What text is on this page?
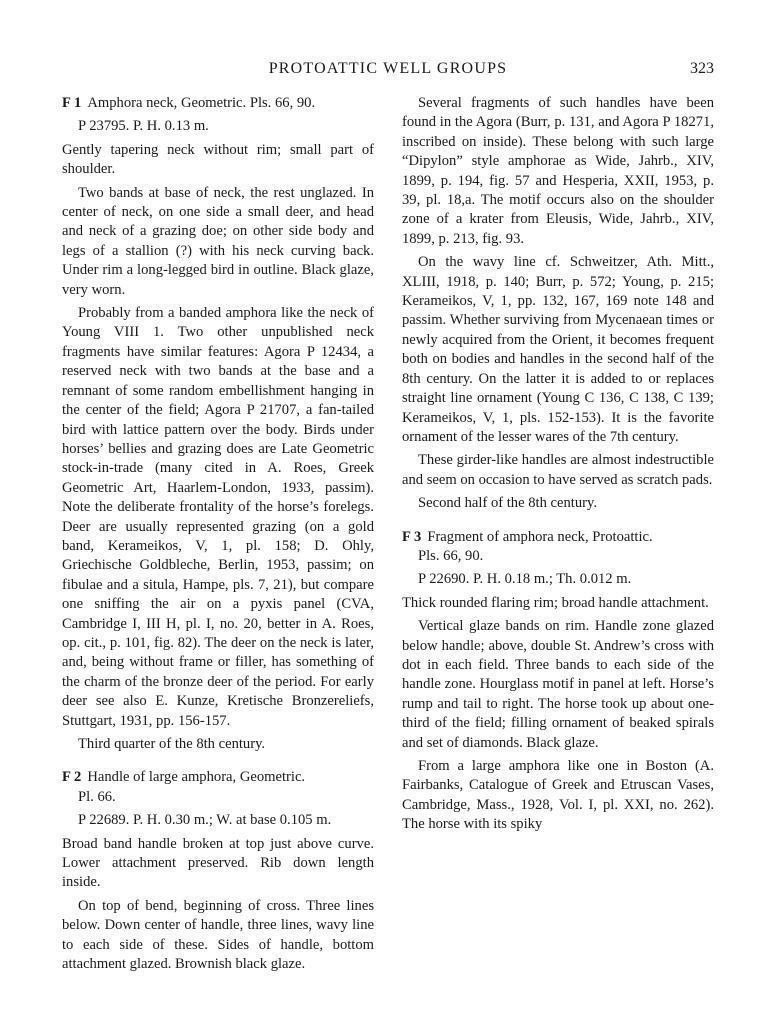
PROTOATTIC WELL GROUPS	323
F 1 Amphora neck, Geometric. Pls. 66, 90.

P 23795. P. H. 0.13 m.

Gently tapering neck without rim; small part of shoulder.

Two bands at base of neck, the rest unglazed. In center of neck, on one side a small deer, and head and neck of a grazing doe; on other side body and legs of a stallion (?) with his neck curving back. Under rim a long-legged bird in outline. Black glaze, very worn.

Probably from a banded amphora like the neck of Young VIII 1. Two other unpublished neck fragments have similar features: Agora P 12434, a reserved neck with two bands at the base and a remnant of some random embellishment hanging in the center of the field; Agora P 21707, a fan-tailed bird with lattice pattern over the body. Birds under horses’ bellies and grazing does are Late Geometric stock-in-trade (many cited in A. Roes, Greek Geometric Art, Haarlem-London, 1933, passim). Note the deliberate frontality of the horse’s forelegs. Deer are usually represented grazing (on a gold band, Kerameikos, V, 1, pl. 158; D. Ohly, Griechische Goldbleche, Berlin, 1953, passim; on fibulae and a situla, Hampe, pls. 7, 21), but compare one sniffing the air on a pyxis panel (CVA, Cambridge I, III H, pl. I, no. 20, better in A. Roes, op. cit., p. 101, fig. 82). The deer on the neck is later, and, being without frame or filler, has something of the charm of the bronze deer of the period. For early deer see also E. Kunze, Kretische Bronzereliefs, Stuttgart, 1931, pp. 156-157.

Third quarter of the 8th century.

F 2 Handle of large amphora, Geometric.
Pl. 66.

P 22689. P. H. 0.30 m.; W. at base 0.105 m.

Broad band handle broken at top just above curve. Lower attachment preserved. Rib down length inside.

On top of bend, beginning of cross. Three lines below. Down center of handle, three lines, wavy line to each side of these. Sides of handle, bottom attachment glazed. Brownish black glaze.

Several fragments of such handles have been found in the Agora (Burr, p. 131, and Agora P 18271, inscribed on inside). These belong with such large “Dipylon” style amphorae as Wide, Jahrb., XIV, 1899, p. 194, fig. 57 and Hesperia, XXII, 1953, p. 39, pl. 18,a. The motif occurs also on the shoulder zone of a krater from Eleusis, Wide, Jahrb., XIV, 1899, p. 213, fig. 93.

On the wavy line cf. Schweitzer, Ath. Mitt., XLIII, 1918, p. 140; Burr, p. 572; Young, p. 215; Kerameikos, V, 1, pp. 132, 167, 169 note 148 and passim. Whether surviving from Mycenaean times or newly acquired from the Orient, it becomes frequent both on bodies and handles in the second half of the 8th century. On the latter it is added to or replaces straight line ornament (Young C 136, C 138, C 139; Kerameikos, V, 1, pls. 152-153). It is the favorite ornament of the lesser wares of the 7th century.

These girder-like handles are almost indestructible and seem on occasion to have served as scratch pads.

Second half of the 8th century.

F 3 Fragment of amphora neck, Protoattic.
Pls. 66, 90.

P 22690. P. H. 0.18 m.; Th. 0.012 m.

Thick rounded flaring rim; broad handle attachment.

Vertical glaze bands on rim. Handle zone glazed below handle; above, double St. Andrew’s cross with dot in each field. Three bands to each side of the handle zone. Hourglass motif in panel at left. Horse’s rump and tail to right. The horse took up about one-third of the field; filling ornament of beaked spirals and set of diamonds. Black glaze.

From a large amphora like one in Boston (A. Fairbanks, Catalogue of Greek and Etruscan Vases, Cambridge, Mass., 1928, Vol. I, pl. XXI, no. 262). The horse with its spiky
